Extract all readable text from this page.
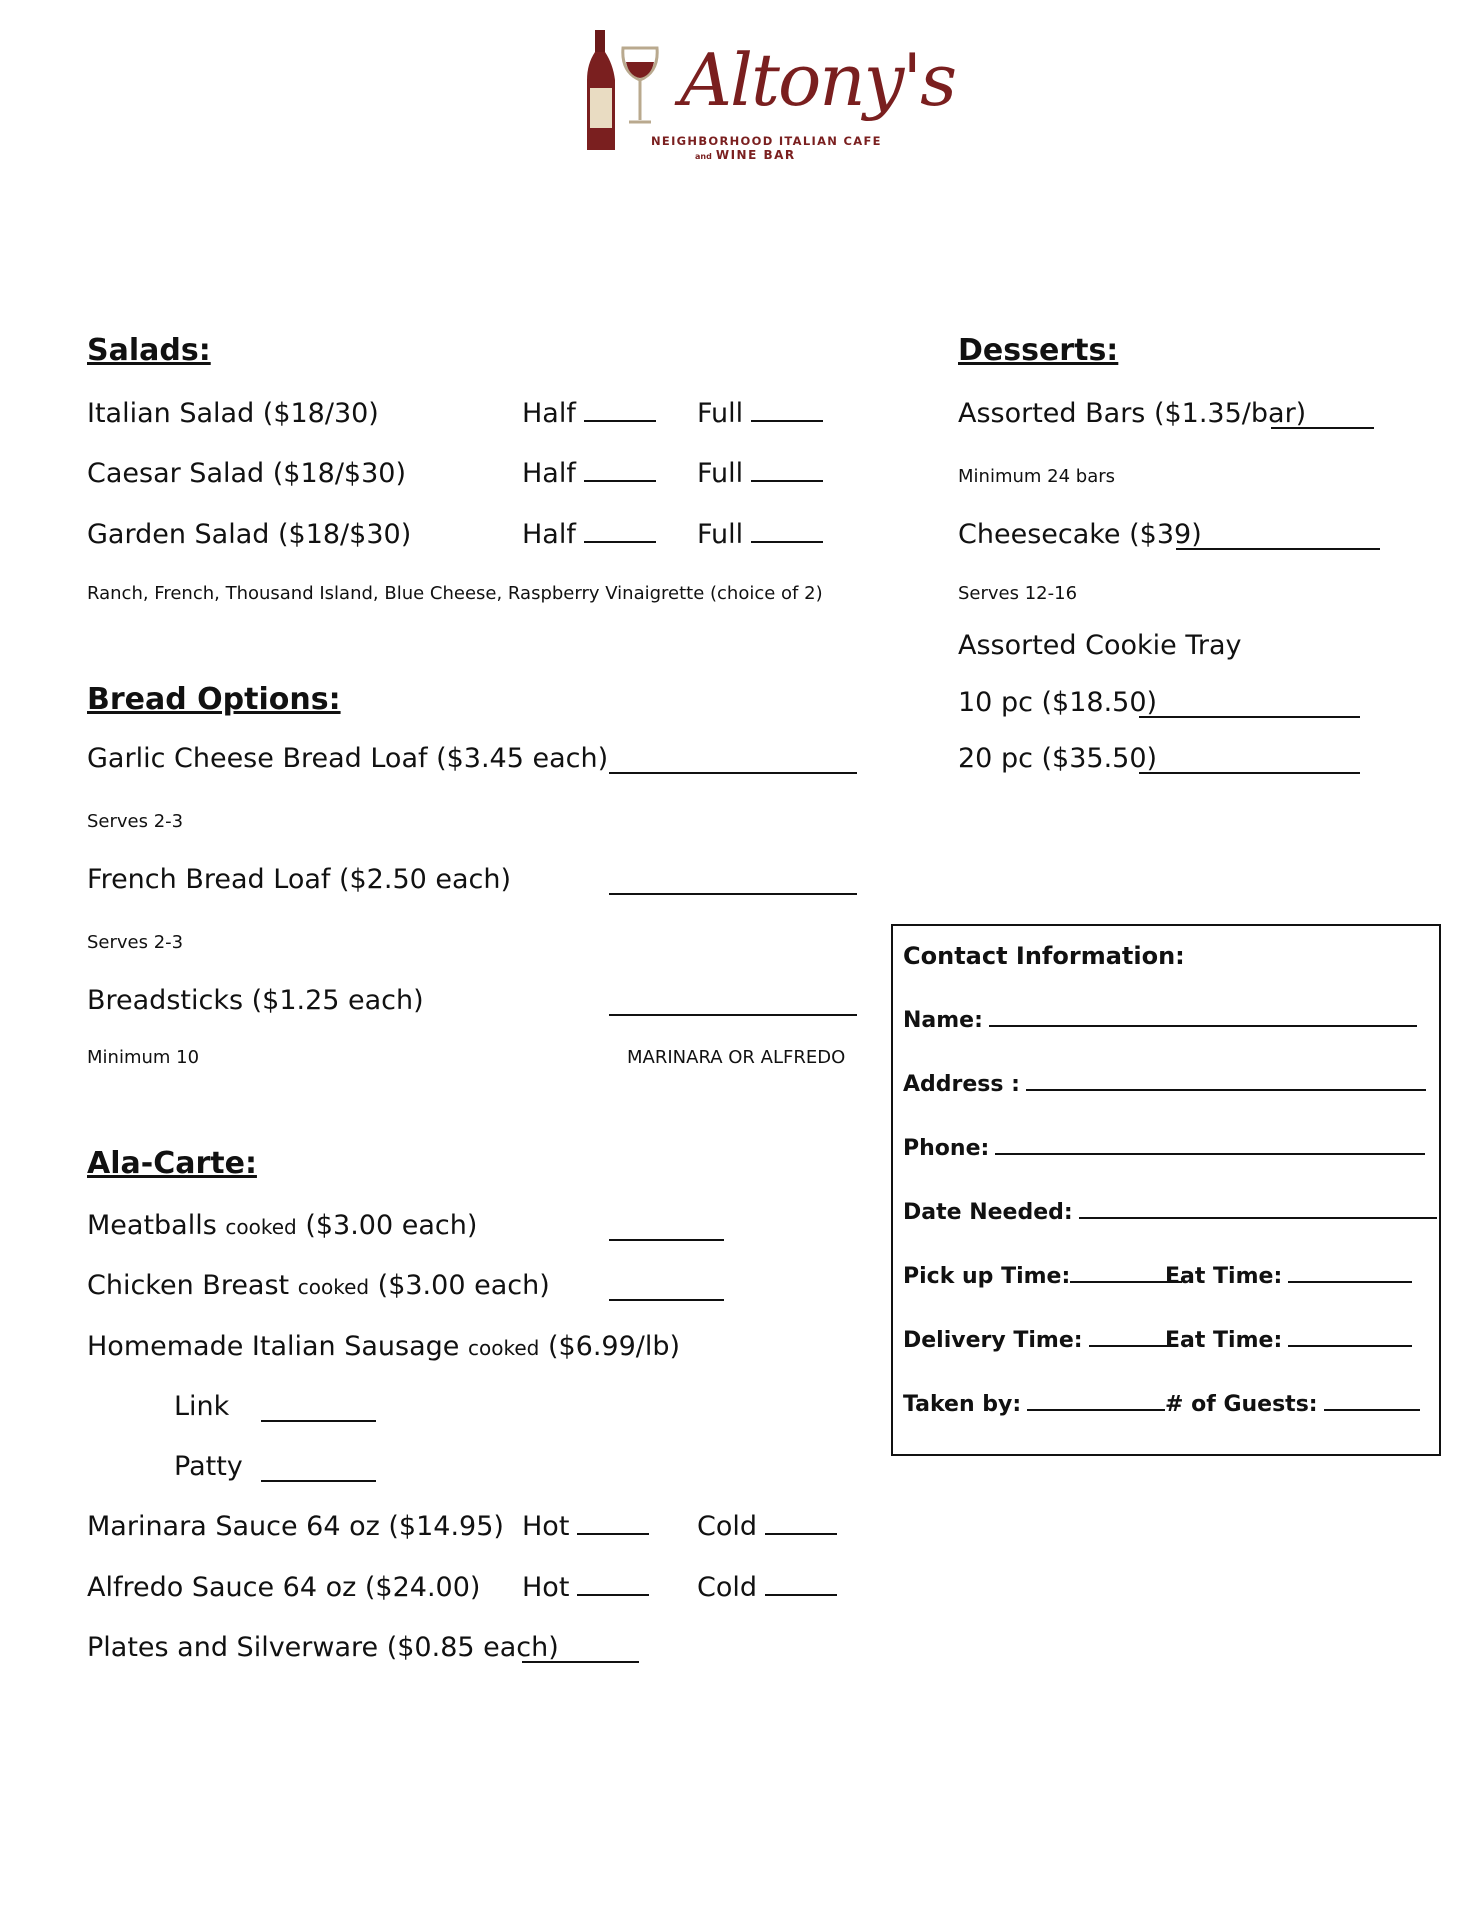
Altony's
NEIGHBORHOOD ITALIAN CAFE
and WINE BAR
Salads:
Italian Salad ($18/30)	Half	Full
Caesar Salad ($18/$30)	Half	Full
Garden Salad ($18/$30)	Half	Full
Ranch, French, Thousand Island, Blue Cheese, Raspberry Vinaigrette (choice of 2)
Bread Options:
Garlic Cheese Bread Loaf ($3.45 each)
Serves 2-3
French Bread Loaf ($2.50 each)
Serves 2-3
Breadsticks ($1.25 each)
Minimum 10	MARINARA OR ALFREDO
Ala-Carte:
Meatballs cooked ($3.00 each)
Chicken Breast cooked ($3.00 each)
Homemade Italian Sausage cooked ($6.99/lb)
Link
Patty
Marinara Sauce 64 oz ($14.95) Hot	Cold
Alfredo Sauce 64 oz ($24.00) Hot	Cold
Plates and Silverware ($0.85 each)
Desserts:
Assorted Bars ($1.35/bar)
Minimum 24 bars
Cheesecake ($39)
Serves 12-16
Assorted Cookie Tray
10 pc ($18.50)
20 pc ($35.50)
Contact Information:
Name:
Address :
Phone:
Date Needed:
Pick up Time:	Eat Time:
Delivery Time:	Eat Time:
Taken by:	# of Guests:
